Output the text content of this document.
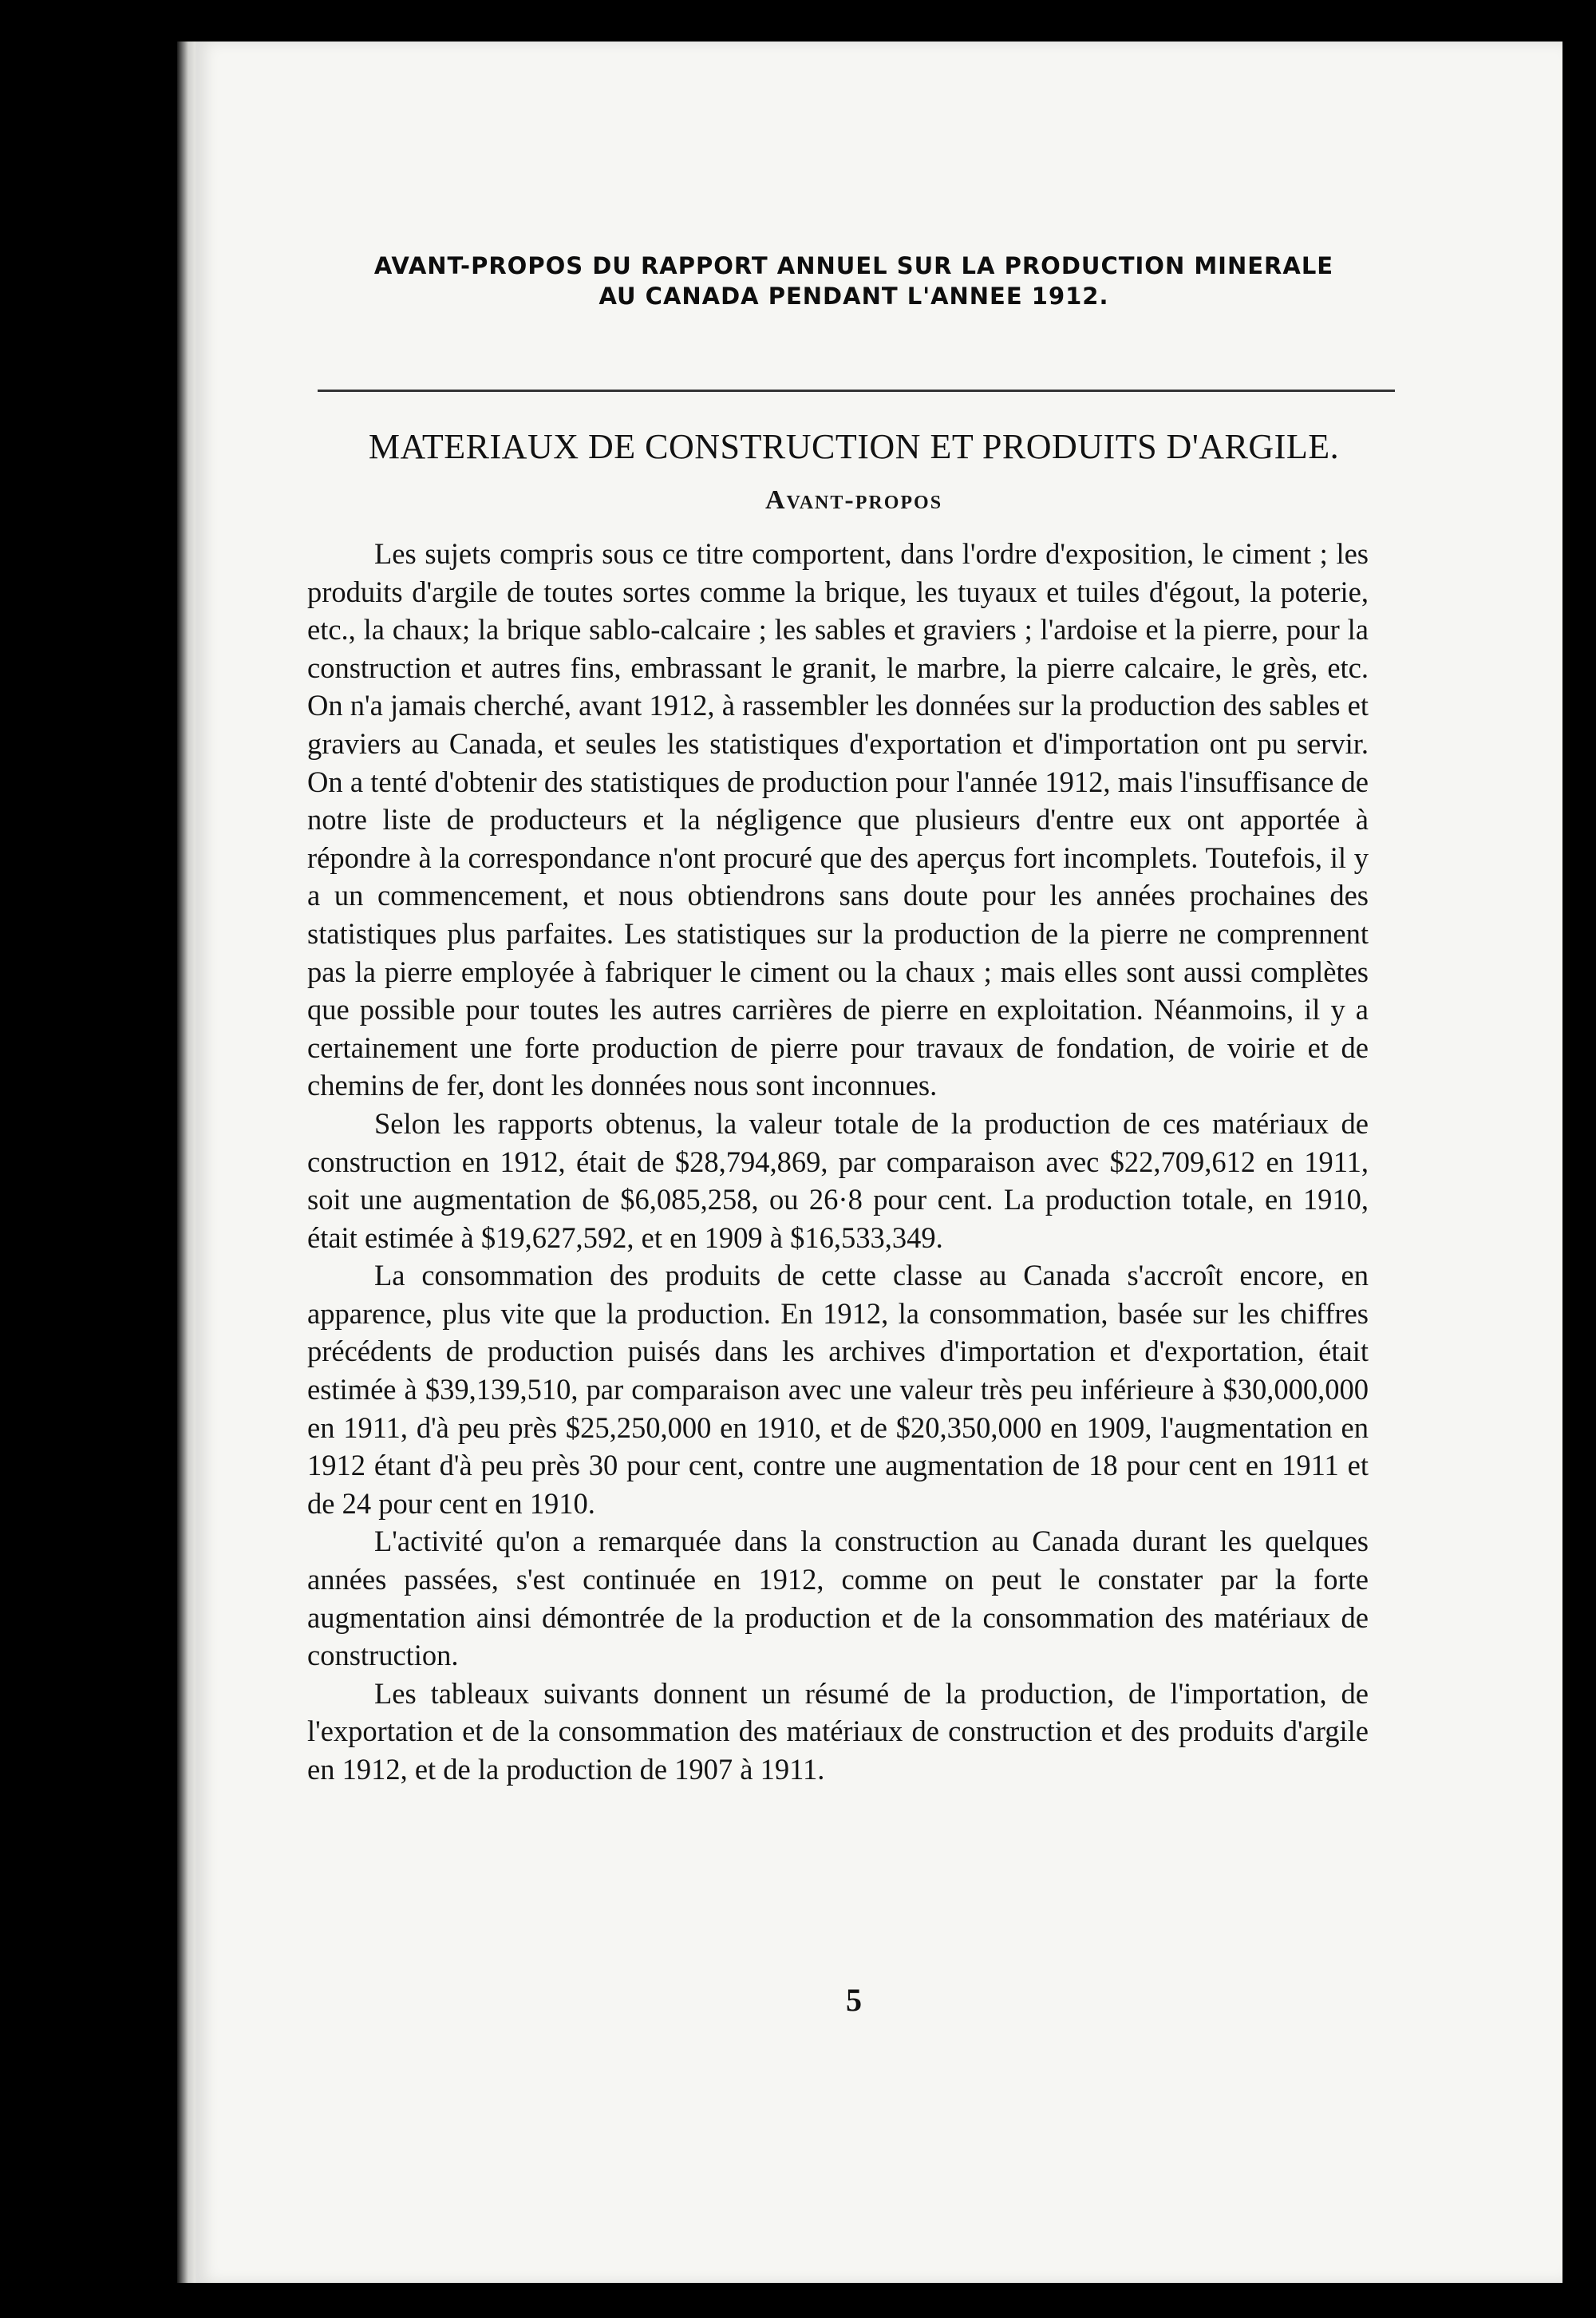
AVANT-PROPOS DU RAPPORT ANNUEL SUR LA PRODUCTION MINERALE
AU CANADA PENDANT L'ANNEE 1912.
MATERIAUX DE CONSTRUCTION ET PRODUITS D'ARGILE.
Avant-propos

Les sujets compris sous ce titre comportent, dans l'ordre d'exposition, le ciment ; les produits d'argile de toutes sortes comme la brique, les tuyaux et tuiles d'égout, la poterie, etc., la chaux; la brique sablo-calcaire ; les sables et graviers ; l'ardoise et la pierre, pour la construction et autres fins, embrassant le granit, le marbre, la pierre calcaire, le grès, etc. On n'a jamais cherché, avant 1912, à rassembler les données sur la production des sables et graviers au Canada, et seules les statistiques d'exportation et d'importation ont pu servir. On a tenté d'obtenir des statistiques de production pour l'année 1912, mais l'insuffisance de notre liste de producteurs et la négligence que plusieurs d'entre eux ont apportée à répondre à la correspondance n'ont procuré que des aperçus fort incomplets. Toutefois, il y a un commencement, et nous obtiendrons sans doute pour les années prochaines des statistiques plus parfaites. Les statistiques sur la production de la pierre ne comprennent pas la pierre employée à fabriquer le ciment ou la chaux ; mais elles sont aussi complètes que possible pour toutes les autres carrières de pierre en exploitation. Néanmoins, il y a certainement une forte production de pierre pour travaux de fondation, de voirie et de chemins de fer, dont les données nous sont inconnues.

Selon les rapports obtenus, la valeur totale de la production de ces matériaux de construction en 1912, était de $28,794,869, par comparaison avec $22,709,612 en 1911, soit une augmentation de $6,085,258, ou 26·8 pour cent. La production totale, en 1910, était estimée à $19,627,592, et en 1909 à $16,533,349.

La consommation des produits de cette classe au Canada s'accroît encore, en apparence, plus vite que la production. En 1912, la consommation, basée sur les chiffres précédents de production puisés dans les archives d'importation et d'exportation, était estimée à $39,139,510, par comparaison avec une valeur très peu inférieure à $30,000,000 en 1911, d'à peu près $25,250,000 en 1910, et de $20,350,000 en 1909, l'augmentation en 1912 étant d'à peu près 30 pour cent, contre une augmentation de 18 pour cent en 1911 et de 24 pour cent en 1910.

L'activité qu'on a remarquée dans la construction au Canada durant les quelques années passées, s'est continuée en 1912, comme on peut le constater par la forte augmentation ainsi démontrée de la production et de la consommation des matériaux de construction.

Les tableaux suivants donnent un résumé de la production, de l'importation, de l'exportation et de la consommation des matériaux de construction et des produits d'argile en 1912, et de la production de 1907 à 1911.

5
